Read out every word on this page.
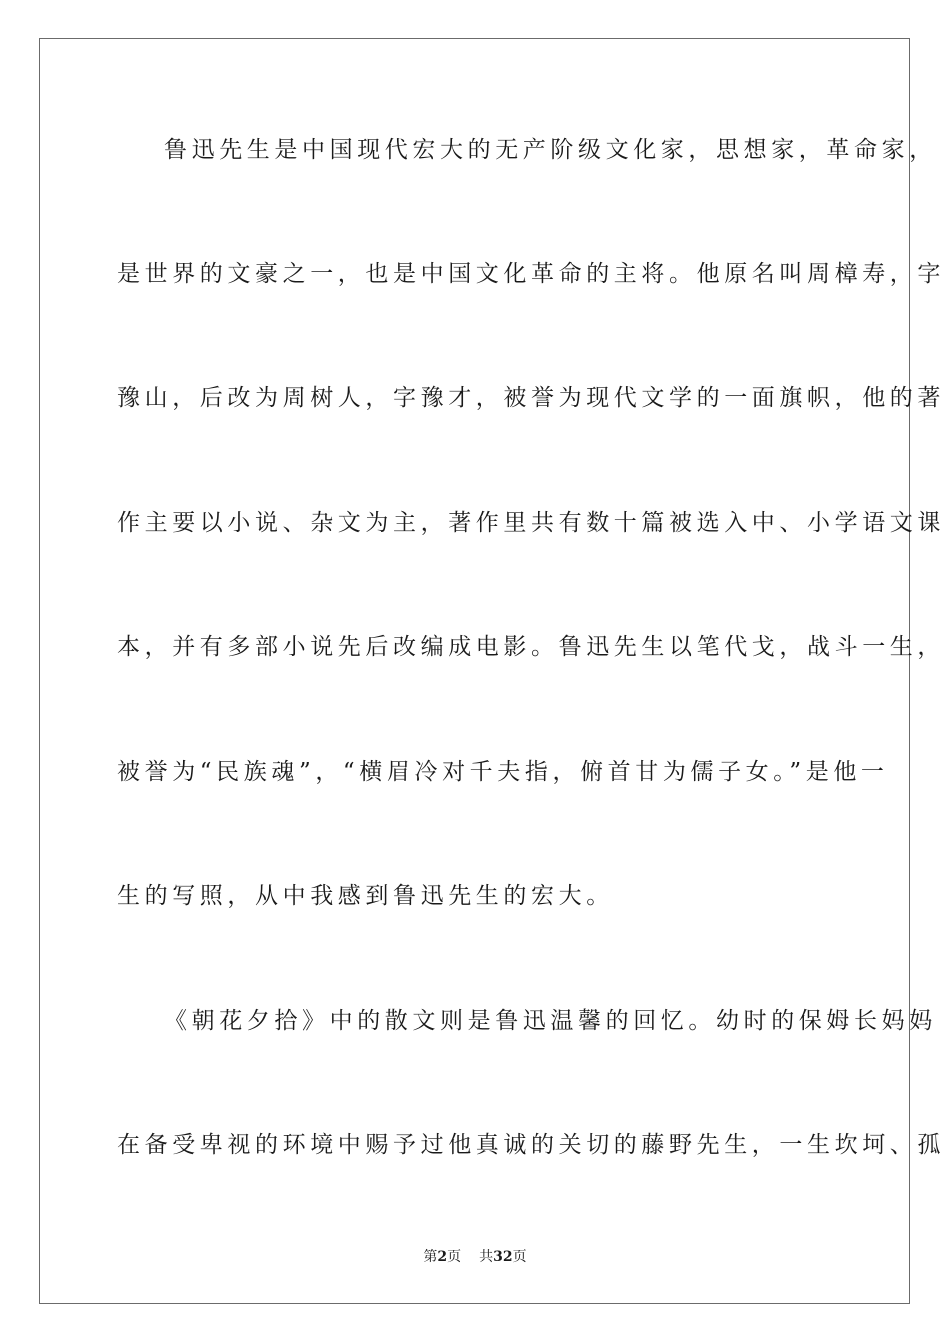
鲁迅先生是中国现代宏大的无产阶级文化家，思想家，革命家，
是世界的文豪之一，也是中国文化革命的主将。他原名叫周樟寿，字
豫山，后改为周树人，字豫才，被誉为现代文学的一面旗帜，他的著
作主要以小说、杂文为主，著作里共有数十篇被选入中、小学语文课
本，并有多部小说先后改编成电影。鲁迅先生以笔代戈，战斗一生，
被誉为“民族魂”，“横眉冷对千夫指，俯首甘为儒子女。”是他一
生的写照，从中我感到鲁迅先生的宏大。
《朝花夕拾》中的散文则是鲁迅温馨的回忆。幼时的保姆长妈妈
在备受卑视的环境中赐予过他真诚的关切的藤野先生，一生坎坷、孤
第2页 共32页
